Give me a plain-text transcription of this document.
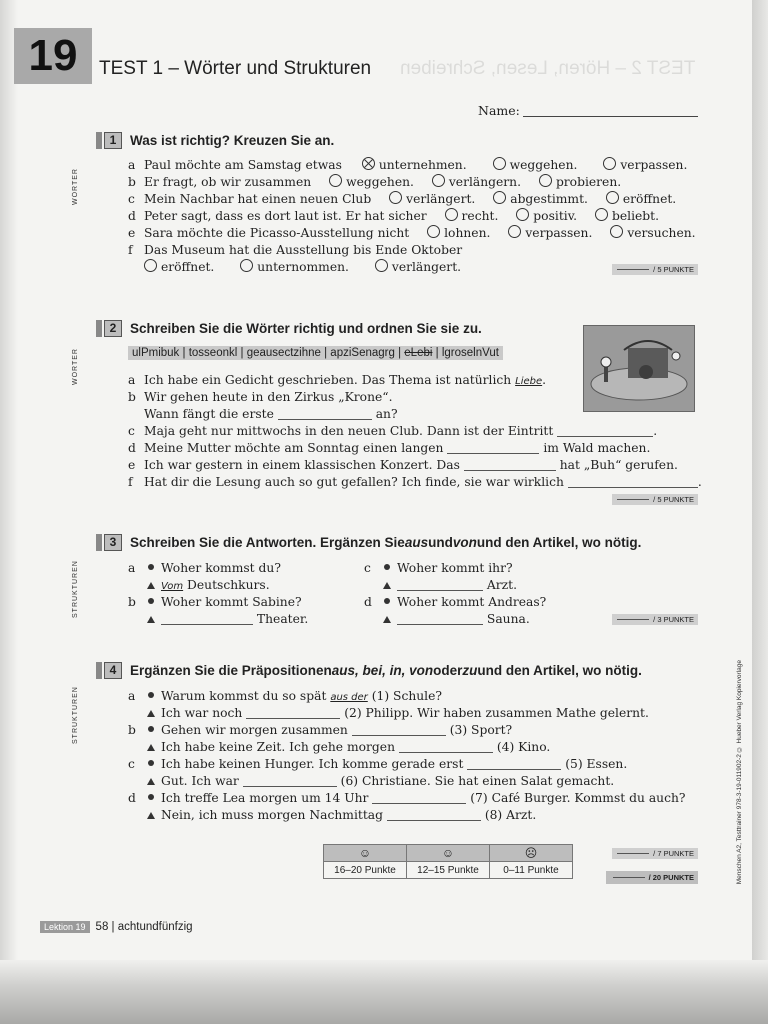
TEST 2 – Hören, Lesen, Schreiben
19	TEST 1 – Wörter und Strukturen
Name:
1	Was ist richtig? Kreuzen Sie an.
WÖRTER
a Paul möchte am Samstag etwas	unternehmen.	weggehen.	verpassen.
b Er fragt, ob wir zusammen	weggehen.	verlängern.	probieren.
c Mein Nachbar hat einen neuen Club	verlängert.	abgestimmt.	eröffnet.
d Peter sagt, dass es dort laut ist. Er hat sicher	recht.	positiv.	beliebt.
e Sara möchte die Picasso-Ausstellung nicht	lohnen.	verpassen.	versuchen.
f Das Museum hat die Ausstellung bis Ende Oktober
eröffnet.	unternommen.	verlängert.	/ 5 PUNKTE
2	Schreiben Sie die Wörter richtig und ordnen Sie sie zu.
WÖRTER	ulPmibuk | tosseonkl | geausectzihne | apziSenagrg | eLebi | lgroselnVut
a Ich habe ein Gedicht geschrieben. Das Thema ist natürlich Liebe.
b Wir gehen heute in den Zirkus „Krone“.
Wann fängt die erste	an?
c Maja geht nur mittwochs in den neuen Club. Dann ist der Eintritt	.
d Meine Mutter möchte am Sonntag einen langen	im Wald machen.
e Ich war gestern in einem klassischen Konzert. Das	hat „Buh“ gerufen.
f Hat dir die Lesung auch so gut gefallen? Ich finde, sie war wirklich	.
/ 5 PUNKTE
3	Schreiben Sie die Antworten. Ergänzen Sie aus und von und den Artikel, wo nötig.
STRUKTUREN	a Woher kommst du?
Vom Deutschkurs.
b Woher kommt Sabine?
Theater.
c Woher kommt ihr?
Arzt.
d Woher kommt Andreas?
Sauna.	/ 3 PUNKTE
4	Ergänzen Sie die Präpositionen aus, bei, in, von oder zu und den Artikel, wo nötig.
STRUKTUREN	a Warum kommst du so spät aus der (1) Schule?
Ich war noch	(2) Philipp. Wir haben zusammen Mathe gelernt.
b Gehen wir morgen zusammen	(3) Sport?
Ich habe keine Zeit. Ich gehe morgen	(4) Kino.
c Ich habe keinen Hunger. Ich komme gerade erst	(5) Essen.
Gut. Ich war	(6) Christiane. Sie hat einen Salat gemacht.
d Ich treffe Lea morgen um 14 Uhr	(7) Café Burger. Kommst du auch?
Nein, ich muss morgen Nachmittag	(8) Arzt.
☺	☺	☹
16–20 Punkte	12–15 Punkte	0–11 Punkte
/ 7 PUNKTE
/ 20 PUNKTE
Lektion 19 58 | achtundfünfzig
Menschen A2, Testtrainer 978-3-19-011902-2 © Hueber Verlag Kopiervorlage
